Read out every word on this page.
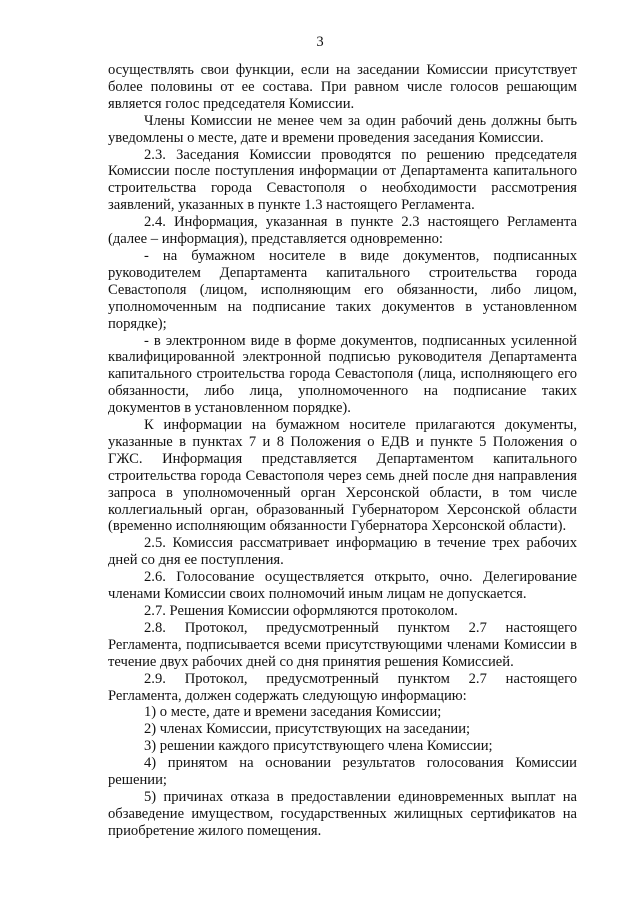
3

осуществлять свои функции, если на заседании Комиссии присутствует более половины от ее состава. При равном числе голосов решающим является голос председателя Комиссии.

Члены Комиссии не менее чем за один рабочий день должны быть уведомлены о месте, дате и времени проведения заседания Комиссии.

2.3. Заседания Комиссии проводятся по решению председателя Комиссии после поступления информации от Департамента капитального строительства города Севастополя о необходимости рассмотрения заявлений, указанных в пункте 1.3 настоящего Регламента.

2.4. Информация, указанная в пункте 2.3 настоящего Регламента (далее – информация), представляется одновременно:

- на бумажном носителе в виде документов, подписанных руководителем Департамента капитального строительства города Севастополя (лицом, исполняющим его обязанности, либо лицом, уполномоченным на подписание таких документов в установленном порядке);

- в электронном виде в форме документов, подписанных усиленной квалифицированной электронной подписью руководителя Департамента капитального строительства города Севастополя (лица, исполняющего его обязанности, либо лица, уполномоченного на подписание таких документов в установленном порядке).

К информации на бумажном носителе прилагаются документы, указанные в пунктах 7 и 8 Положения о ЕДВ и пункте 5 Положения о ГЖС. Информация представляется Департаментом капитального строительства города Севастополя через семь дней после дня направления запроса в уполномоченный орган Херсонской области, в том числе коллегиальный орган, образованный Губернатором Херсонской области (временно исполняющим обязанности Губернатора Херсонской области).

2.5. Комиссия рассматривает информацию в течение трех рабочих дней со дня ее поступления.

2.6. Голосование осуществляется открыто, очно. Делегирование членами Комиссии своих полномочий иным лицам не допускается.

2.7. Решения Комиссии оформляются протоколом.

2.8. Протокол, предусмотренный пунктом 2.7 настоящего Регламента, подписывается всеми присутствующими членами Комиссии в течение двух рабочих дней со дня принятия решения Комиссией.

2.9. Протокол, предусмотренный пунктом 2.7 настоящего Регламента, должен содержать следующую информацию:

1) о месте, дате и времени заседания Комиссии;

2) членах Комиссии, присутствующих на заседании;

3) решении каждого присутствующего члена Комиссии;

4) принятом на основании результатов голосования Комиссии решении;

5) причинах отказа в предоставлении единовременных выплат на обзаведение имуществом, государственных жилищных сертификатов на приобретение жилого помещения.
